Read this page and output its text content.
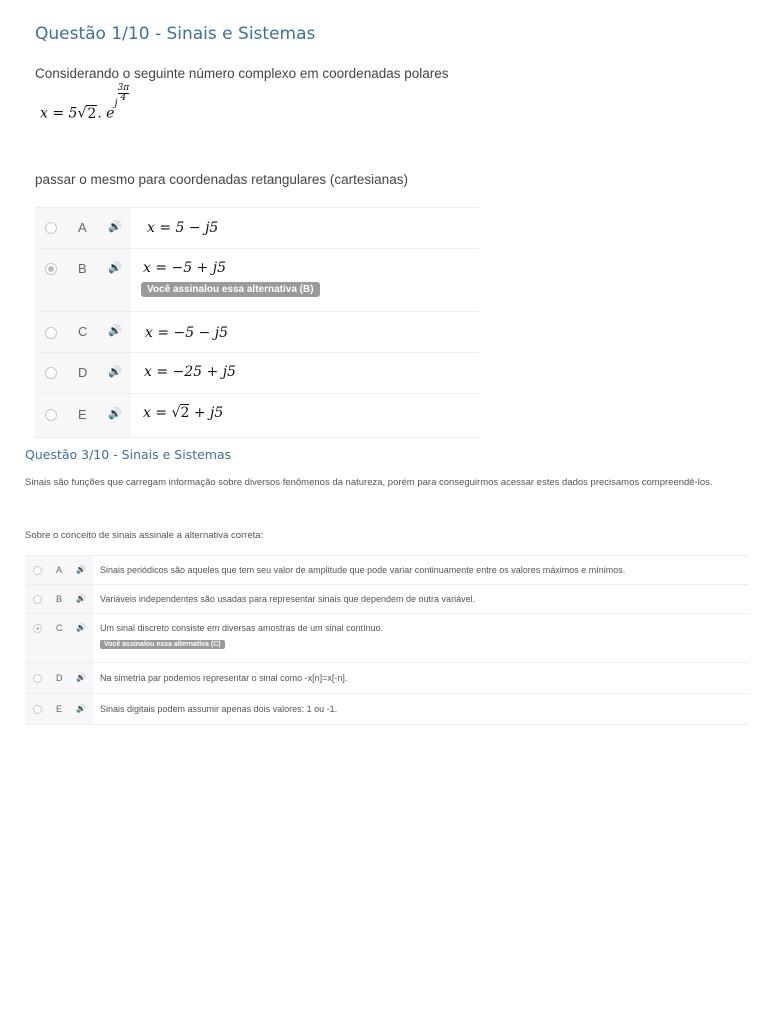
Questão 1/10 - Sinais e Sistemas
Considerando o seguinte número complexo em coordenadas polares
x = 5√2. $e^{j \frac{3\pi}{4}}$
passar o mesmo para coordenadas retangulares (cartesianas)
A 🔊 x = 5 − j5
B 🔊 x = −5 + j5
Você assinalou essa alternativa (B)
C 🔊 x = −5 − j5
D 🔊 x = −25 + j5
E 🔊 x = √2 + j5
Questão 3/10 - Sinais e Sistemas
Sinais são funções que carregam informação sobre diversos fenômenos da natureza, porém para conseguirmos acessar estes dados precisamos compreendê-los.
Sobre o conceito de sinais assinale a alternativa correta:
A 🔊 Sinais periódicos são aqueles que tem seu valor de amplitude que pode variar continuamente entre os valores máximos e mínimos.
B 🔊 Variáveis independentes são usadas para representar sinais que dependem de outra variável.
C 🔊 Um sinal discreto consiste em diversas amostras de um sinal contínuo.
Você assinalou essa alternativa (C)
D 🔊 Na simetria par podemos representar o sinal como -x[n]=x[-n].
E 🔊 Sinais digitais podem assumir apenas dois valores: 1 ou -1.
